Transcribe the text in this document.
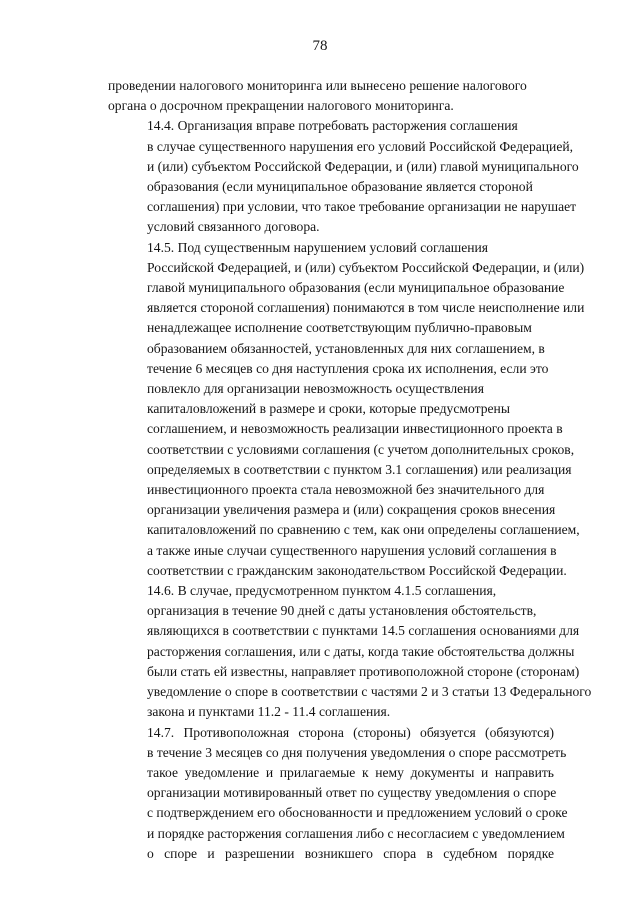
78

проведении налогового мониторинга или вынесено решение налогового
органа о досрочном прекращении налогового мониторинга.

14.4. Организация вправе потребовать расторжения соглашения
в случае существенного нарушения его условий Российской Федерацией,
и (или) субъектом Российской Федерации, и (или) главой муниципального
образования (если муниципальное образование является стороной
соглашения) при условии, что такое требование организации не нарушает
условий связанного договора.

14.5. Под существенным нарушением условий соглашения
Российской Федерацией, и (или) субъектом Российской Федерации, и (или)
главой муниципального образования (если муниципальное образование
является стороной соглашения) понимаются в том числе неисполнение или
ненадлежащее исполнение соответствующим публично-правовым
образованием обязанностей, установленных для них соглашением, в
течение 6 месяцев со дня наступления срока их исполнения, если это
повлекло для организации невозможность осуществления
капиталовложений в размере и сроки, которые предусмотрены
соглашением, и невозможность реализации инвестиционного проекта в
соответствии с условиями соглашения (с учетом дополнительных сроков,
определяемых в соответствии с пунктом 3.1 соглашения) или реализация
инвестиционного проекта стала невозможной без значительного для
организации увеличения размера и (или) сокращения сроков внесения
капиталовложений по сравнению с тем, как они определены соглашением,
а также иные случаи существенного нарушения условий соглашения в
соответствии с гражданским законодательством Российской Федерации.

14.6. В случае, предусмотренном пунктом 4.1.5 соглашения,
организация в течение 90 дней с даты установления обстоятельств,
являющихся в соответствии с пунктами 14.5 соглашения основаниями для
расторжения соглашения, или с даты, когда такие обстоятельства должны
были стать ей известны, направляет противоположной стороне (сторонам)
уведомление о споре в соответствии с частями 2 и 3 статьи 13 Федерального
закона и пунктами 11.2 - 11.4 соглашения.

14.7. Противоположная сторона (стороны) обязуется (обязуются)
в течение 3 месяцев со дня получения уведомления о споре рассмотреть
такое уведомление и прилагаемые к нему документы и направить
организации мотивированный ответ по существу уведомления о споре
с подтверждением его обоснованности и предложением условий о сроке
и порядке расторжения соглашения либо с несогласием с уведомлением
о споре и разрешении возникшего спора в судебном порядке
